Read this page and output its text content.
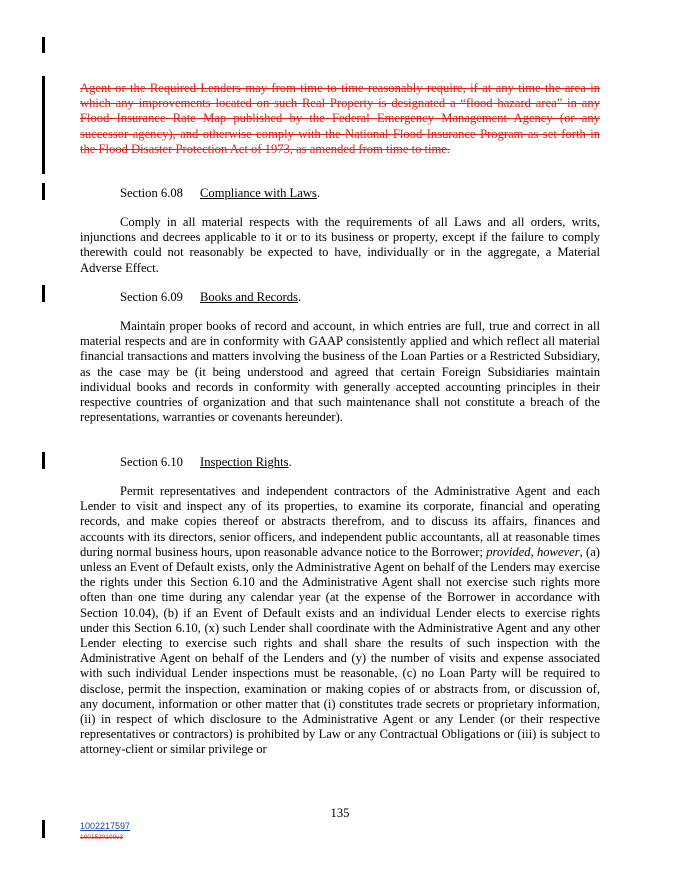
Agent or the Required Lenders may from time to time reasonably require, if at any time the area in which any improvements located on such Real Property is designated a “flood hazard area” in any Flood Insurance Rate Map published by the Federal Emergency Management Agency (or any successor agency), and otherwise comply with the National Flood Insurance Program as set forth in the Flood Disaster Protection Act of 1973, as amended from time to time.

Section 6.08 Compliance with Laws.

Comply in all material respects with the requirements of all Laws and all orders, writs, injunctions and decrees applicable to it or to its business or property, except if the failure to comply therewith could not reasonably be expected to have, individually or in the aggregate, a Material Adverse Effect.

Section 6.09 Books and Records.

Maintain proper books of record and account, in which entries are full, true and correct in all material respects and are in conformity with GAAP consistently applied and which reflect all material financial transactions and matters involving the business of the Loan Parties or a Restricted Subsidiary, as the case may be (it being understood and agreed that certain Foreign Subsidiaries maintain individual books and records in conformity with generally accepted accounting principles in their respective countries of organization and that such maintenance shall not constitute a breach of the representations, warranties or covenants hereunder).

Section 6.10 Inspection Rights.

Permit representatives and independent contractors of the Administrative Agent and each Lender to visit and inspect any of its properties, to examine its corporate, financial and operating records, and make copies thereof or abstracts therefrom, and to discuss its affairs, finances and accounts with its directors, senior officers, and independent public accountants, all at reasonable times during normal business hours, upon reasonable advance notice to the Borrower; provided, however, (a) unless an Event of Default exists, only the Administrative Agent on behalf of the Lenders may exercise the rights under this Section 6.10 and the Administrative Agent shall not exercise such rights more often than one time during any calendar year (at the expense of the Borrower in accordance with Section 10.04), (b) if an Event of Default exists and an individual Lender elects to exercise rights under this Section 6.10, (x) such Lender shall coordinate with the Administrative Agent and any other Lender electing to exercise such rights and shall share the results of such inspection with the Administrative Agent on behalf of the Lenders and (y) the number of visits and expense associated with such individual Lender inspections must be reasonable, (c) no Loan Party will be required to disclose, permit the inspection, examination or making copies of or abstracts from, or discussion of, any document, information or other matter that (i) constitutes trade secrets or proprietary information, (ii) in respect of which disclosure to the Administrative Agent or any Lender (or their respective representatives or contractors) is prohibited by Law or any Contractual Obligations or (iii) is subject to attorney-client or similar privilege or

135
1002217597
1001520109v3
